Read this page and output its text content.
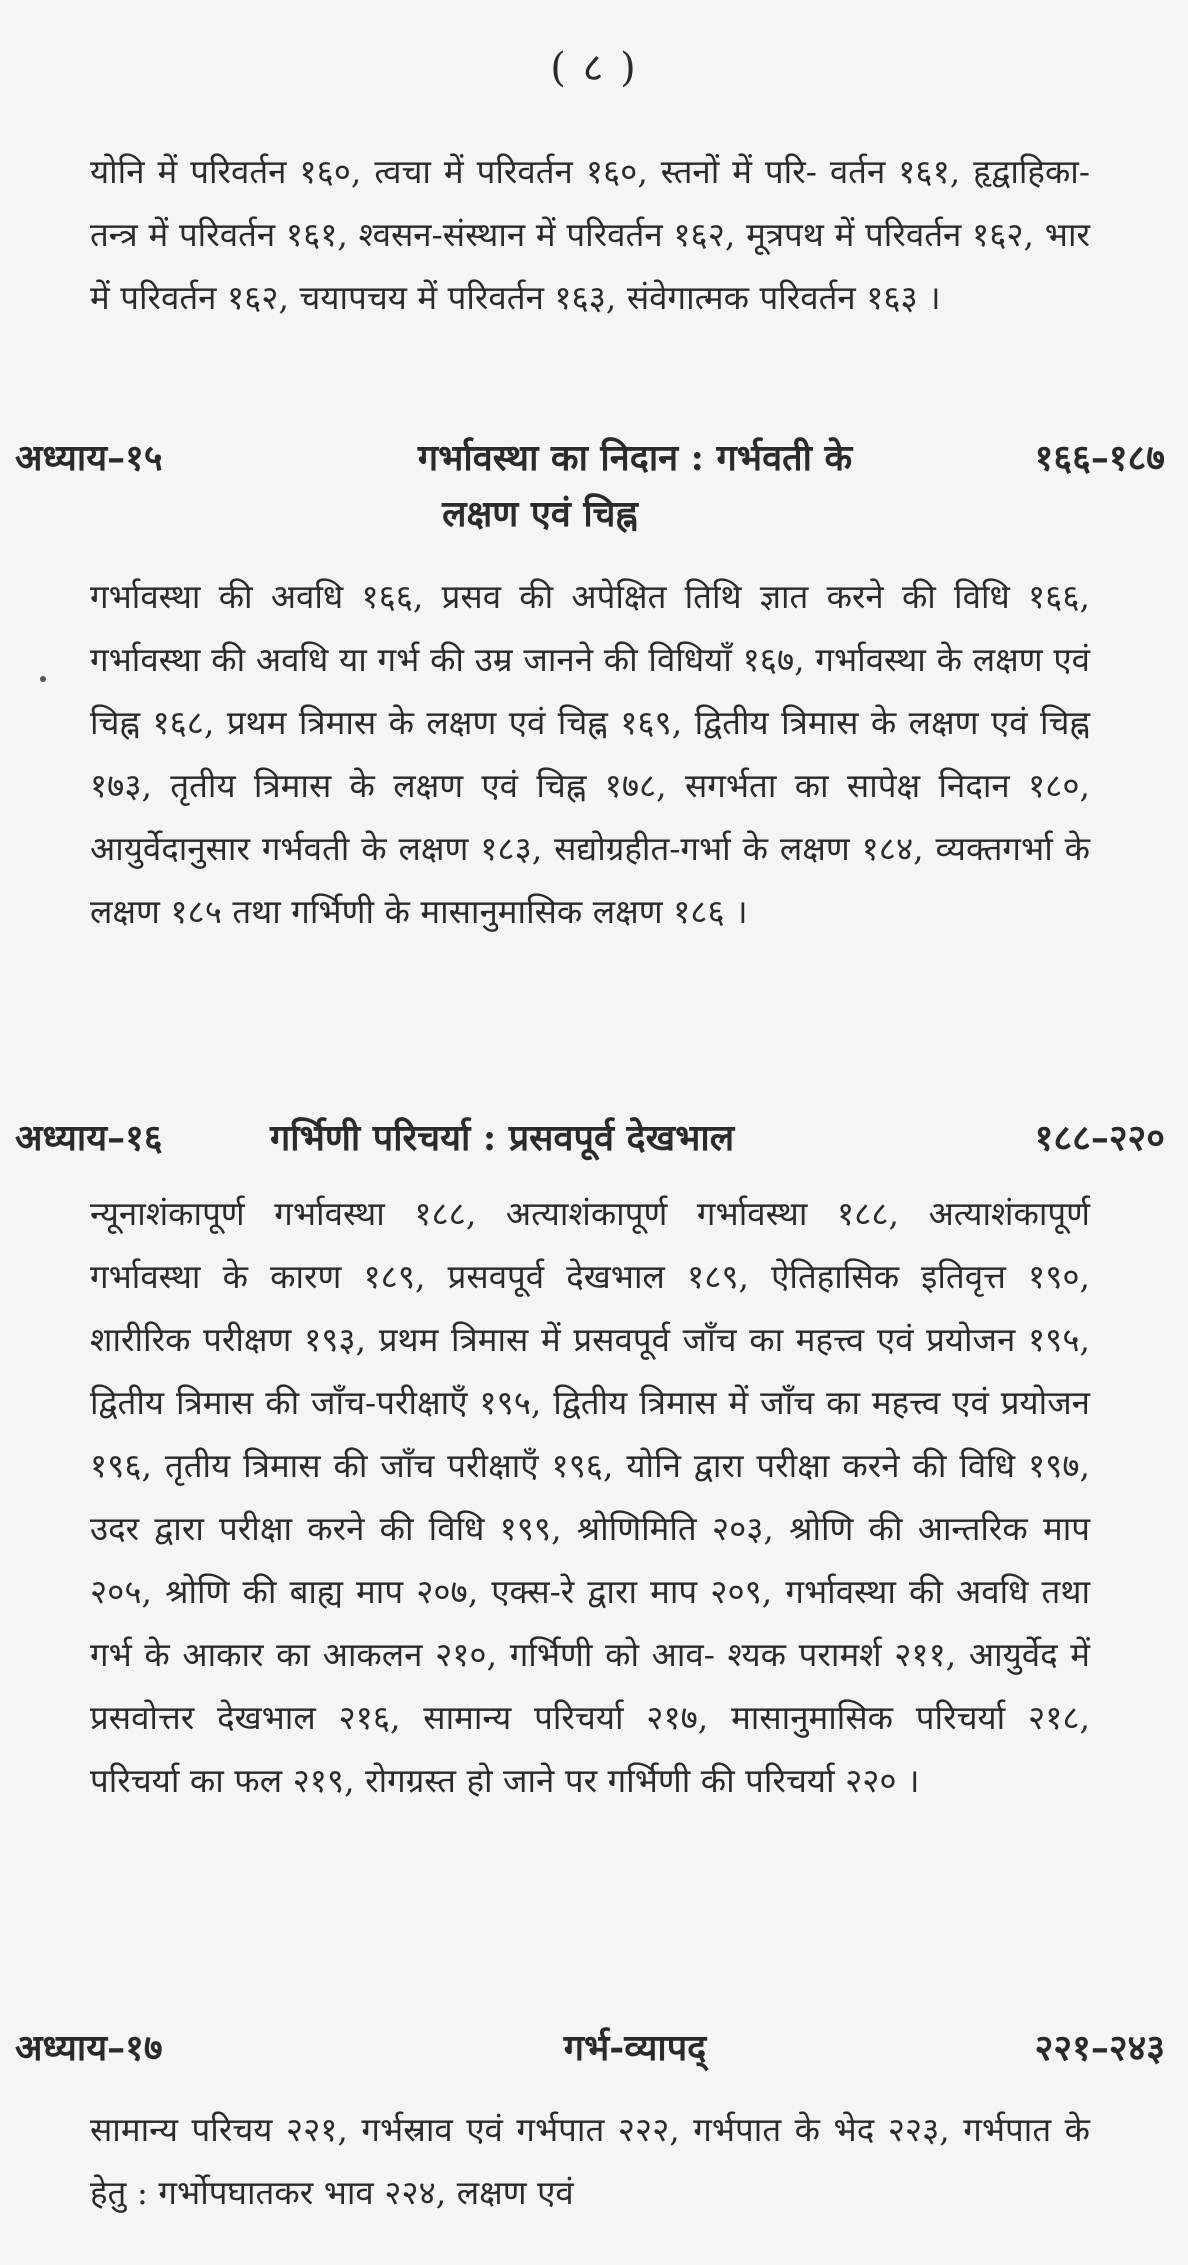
( ८ )

योनि में परिवर्तन १६०, त्वचा में परिवर्तन १६०, स्तनों में परि- वर्तन १६१, हृद्वाहिका-तन्त्र में परिवर्तन १६१, श्वसन-संस्थान में परिवर्तन १६२, मूत्रपथ में परिवर्तन १६२, भार में परिवर्तन १६२, चयापचय में परिवर्तन १६३, संवेगात्मक परिवर्तन १६३ ।

अध्याय–१५	गर्भावस्था का निदान : गर्भवती के	१६६–१८७
लक्षण एवं चिह्न

गर्भावस्था की अवधि १६६, प्रसव की अपेक्षित तिथि ज्ञात करने की विधि १६६, गर्भावस्था की अवधि या गर्भ की उम्र जानने की विधियाँ १६७, गर्भावस्था के लक्षण एवं चिह्न १६८, प्रथम त्रिमास के लक्षण एवं चिह्न १६९, द्वितीय त्रिमास के लक्षण एवं चिह्न १७३, तृतीय त्रिमास के लक्षण एवं चिह्न १७८, सगर्भता का सापेक्ष निदान १८०, आयुर्वेदानुसार गर्भवती के लक्षण १८३, सद्योग्रहीत-गर्भा के लक्षण १८४, व्यक्तगर्भा के लक्षण १८५ तथा गर्भिणी के मासानुमासिक लक्षण १८६ ।

अध्याय–१६	गर्भिणी परिचर्या : प्रसवपूर्व देखभाल	१८८–२२०

न्यूनाशंकापूर्ण गर्भावस्था १८८, अत्याशंकापूर्ण गर्भावस्था १८८, अत्याशंकापूर्ण गर्भावस्था के कारण १८९, प्रसवपूर्व देखभाल १८९, ऐतिहासिक इतिवृत्त १९०, शारीरिक परीक्षण १९३, प्रथम त्रिमास में प्रसवपूर्व जाँच का महत्त्व एवं प्रयोजन १९५, द्वितीय त्रिमास की जाँच-परीक्षाएँ १९५, द्वितीय त्रिमास में जाँच का महत्त्व एवं प्रयोजन १९६, तृतीय त्रिमास की जाँच परीक्षाएँ १९६, योनि द्वारा परीक्षा करने की विधि १९७, उदर द्वारा परीक्षा करने की विधि १९९, श्रोणिमिति २०३, श्रोणि की आन्तरिक माप २०५, श्रोणि की बाह्य माप २०७, एक्स-रे द्वारा माप २०९, गर्भावस्था की अवधि तथा गर्भ के आकार का आकलन २१०, गर्भिणी को आव- श्यक परामर्श २११, आयुर्वेद में प्रसवोत्तर देखभाल २१६, सामान्य परिचर्या २१७, मासानुमासिक परिचर्या २१८, परिचर्या का फल २१९, रोगग्रस्त हो जाने पर गर्भिणी की परिचर्या २२० ।

अध्याय–१७	गर्भ-व्यापद्	२२१–२४३

सामान्य परिचय २२१, गर्भस्राव एवं गर्भपात २२२, गर्भपात के भेद २२३, गर्भपात के हेतु : गर्भोपघातकर भाव २२४, लक्षण एवं
